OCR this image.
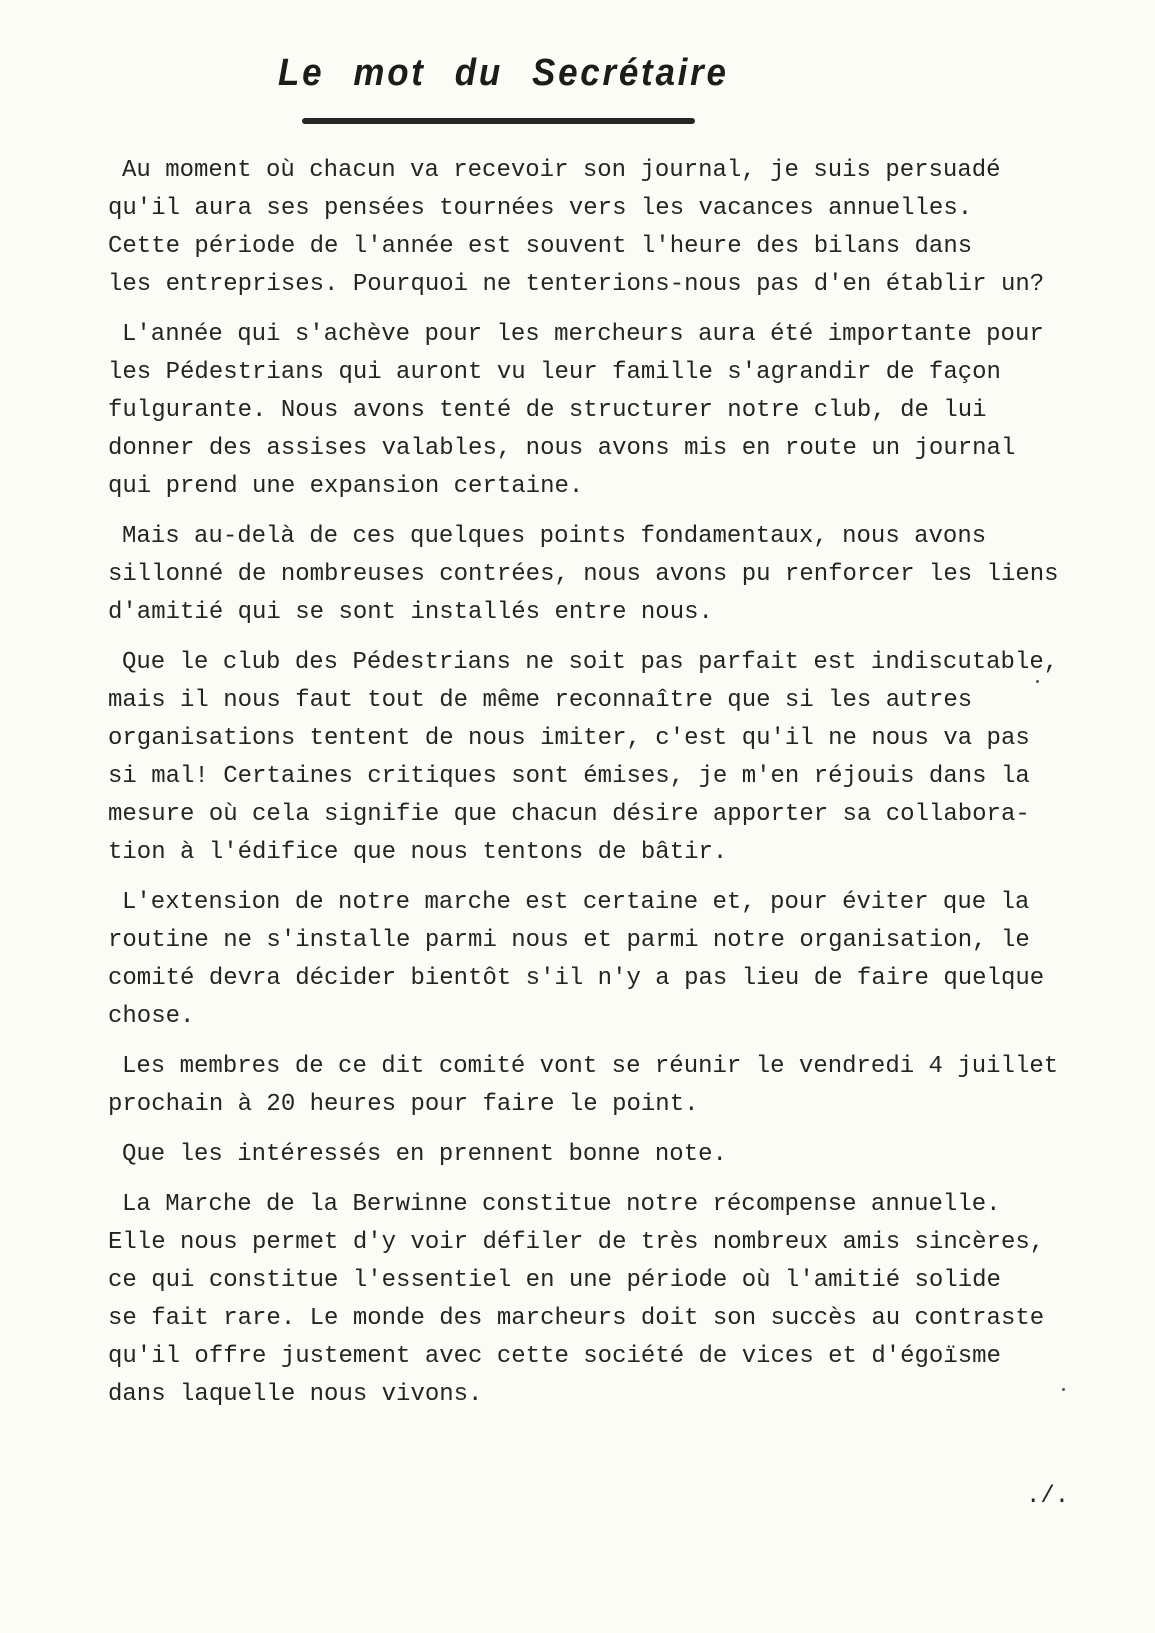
Le mot du Secrétaire
Au moment où chacun va recevoir son journal, je suis persuadé
qu'il aura ses pensées tournées vers les vacances annuelles.
Cette période de l'année est souvent l'heure des bilans dans
les entreprises. Pourquoi ne tenterions-nous pas d'en établir un?
L'année qui s'achève pour les mercheurs aura été importante pour
les Pédestrians qui auront vu leur famille s'agrandir de façon
fulgurante. Nous avons tenté de structurer notre club, de lui
donner des assises valables, nous avons mis en route un journal
qui prend une expansion certaine.
Mais au-delà de ces quelques points fondamentaux, nous avons
sillonné de nombreuses contrées, nous avons pu renforcer les liens
d'amitié qui se sont installés entre nous.
Que le club des Pédestrians ne soit pas parfait est indiscutable,
mais il nous faut tout de même reconnaître que si les autres
organisations tentent de nous imiter, c'est qu'il ne nous va pas
si mal! Certaines critiques sont émises, je m'en réjouis dans la
mesure où cela signifie que chacun désire apporter sa collabora-
tion à l'édifice que nous tentons de bâtir.
L'extension de notre marche est certaine et, pour éviter que la
routine ne s'installe parmi nous et parmi notre organisation, le
comité devra décider bientôt s'il n'y a pas lieu de faire quelque
chose.
Les membres de ce dit comité vont se réunir le vendredi 4 juillet
prochain à 20 heures pour faire le point.
Que les intéressés en prennent bonne note.
La Marche de la Berwinne constitue notre récompense annuelle.
Elle nous permet d'y voir défiler de très nombreux amis sincères,
ce qui constitue l'essentiel en une période où l'amitié solide
se fait rare. Le monde des marcheurs doit son succès au contraste
qu'il offre justement avec cette société de vices et d'égoïsme
dans laquelle nous vivons.

./.
